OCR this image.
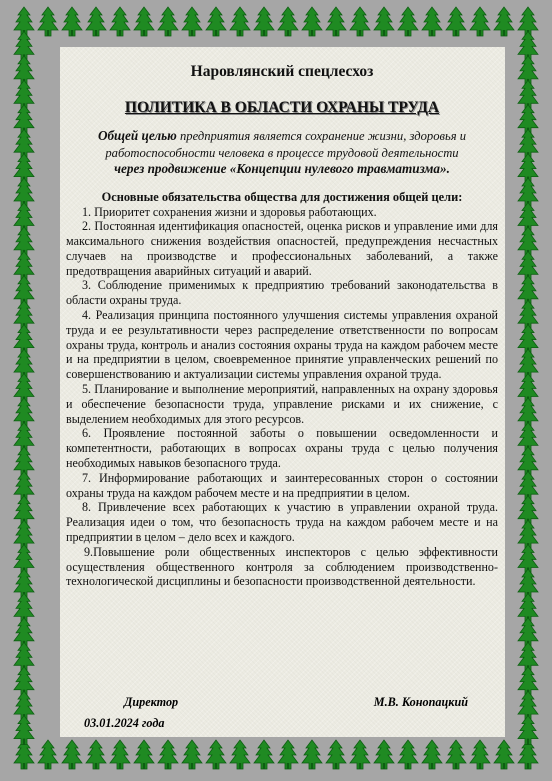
Наровлянский спецлесхоз
ПОЛИТИКА В ОБЛАСТИ ОХРАНЫ ТРУДА
Общей целью предприятия является сохранение жизни, здоровья и работоспособности человека в процессе трудовой деятельности
через продвижение «Концепции нулевого травматизма».
Основные обязательства общества для достижения общей цели:

1. Приоритет сохранения жизни и здоровья работающих.

2. Постоянная идентификация опасностей, оценка рисков и управление ими для максимального снижения воздействия опасностей, предупреждения несчастных случаев на производстве и профессиональных заболеваний, а также предотвращения аварийных ситуаций и аварий.

3. Соблюдение применимых к предприятию требований законодательства в области охраны труда.

4. Реализация принципа постоянного улучшения системы управления охраной труда и ее результативности через распределение ответственности по вопросам охраны труда, контроль и анализ состояния охраны труда на каждом рабочем месте и на предприятии в целом, своевременное принятие управленческих решений по совершенствованию и актуализации системы управления охраной труда.

5. Планирование и выполнение мероприятий, направленных на охрану здоровья и обеспечение безопасности труда, управление рисками и их снижение, с выделением необходимых для этого ресурсов.

6. Проявление постоянной заботы о повышении осведомленности и компетентности, работающих в вопросах охраны труда с целью получения необходимых навыков безопасного труда.

7. Информирование работающих и заинтересованных сторон о состоянии охраны труда на каждом рабочем месте и на предприятии в целом.

8. Привлечение всех работающих к участию в управлении охраной труда. Реализация идеи о том, что безопасность труда на каждом рабочем месте и на предприятии в целом – дело всех и каждого.

9.Повышение роли общественных инспекторов с целью эффективности осуществления общественного контроля за соблюдением производственно-технологической дисциплины и безопасности производственной деятельности.

Директор	М.В. Конопацкий
03.01.2024 года
